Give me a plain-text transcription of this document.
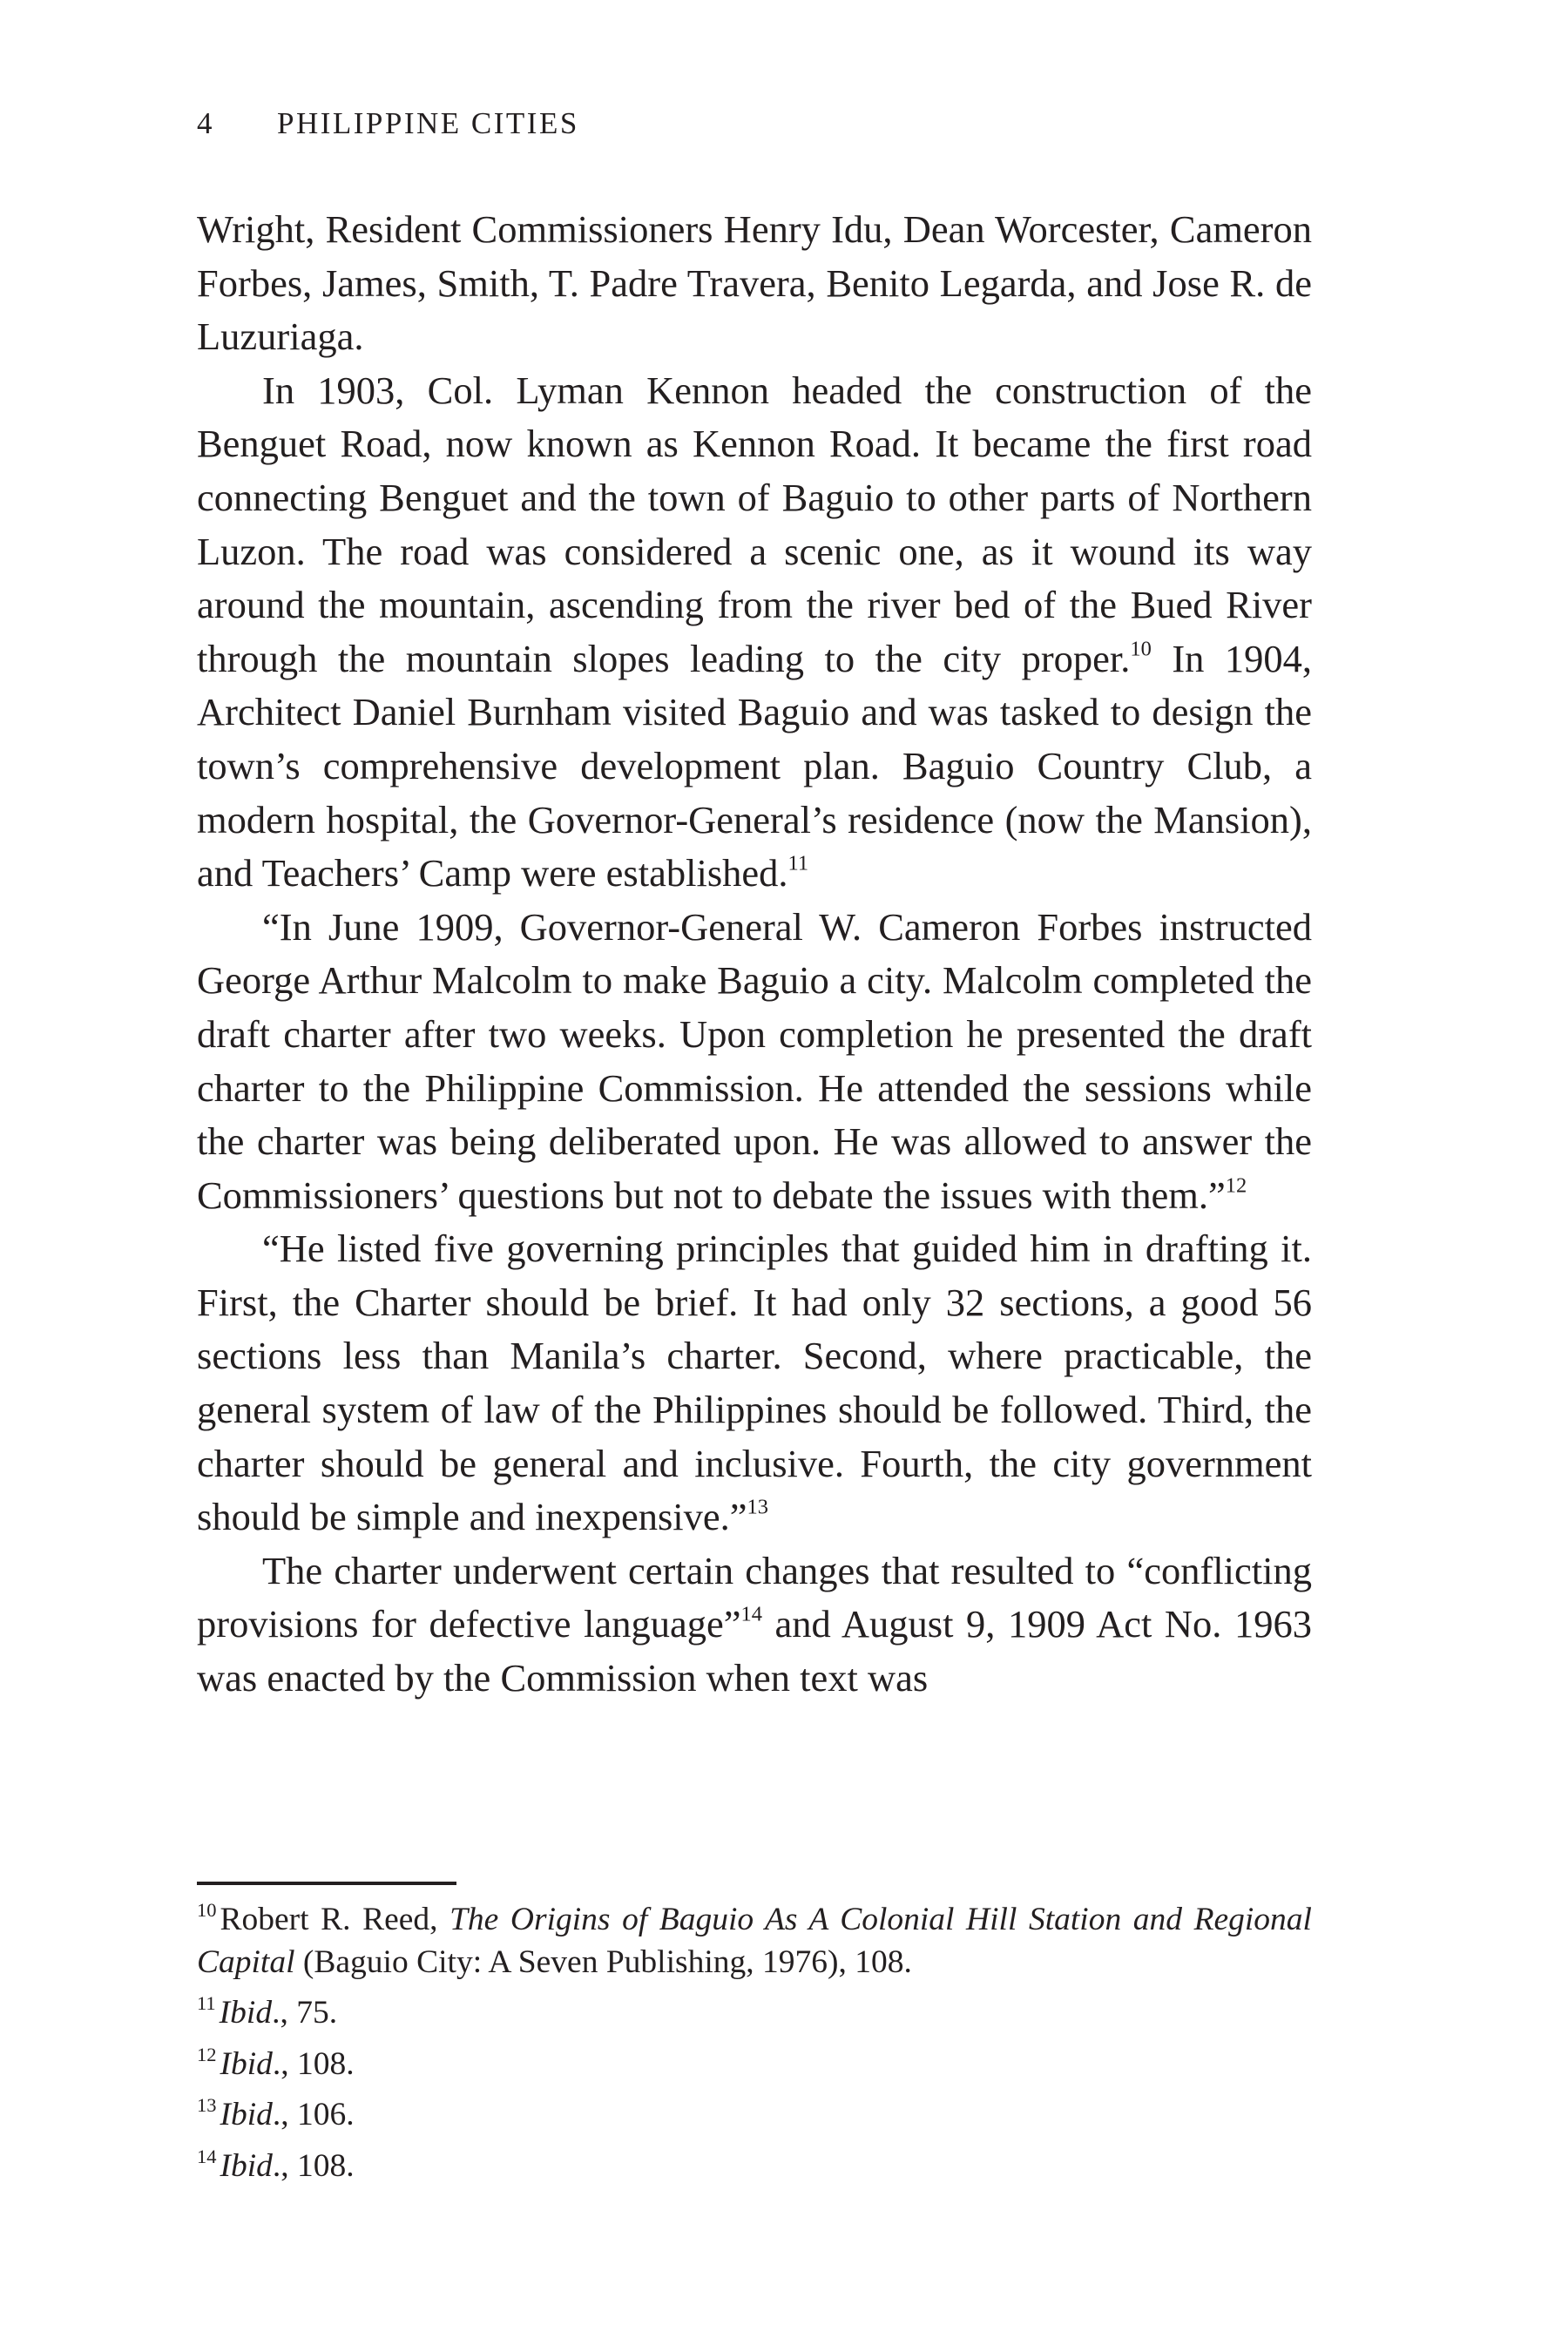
4 PHILIPPINE CITIES

Wright, Resident Commissioners Henry Idu, Dean Worcester, Cameron Forbes, James, Smith, T. Padre Travera, Benito Legarda, and Jose R. de Luzuriaga.

In 1903, Col. Lyman Kennon headed the construction of the Benguet Road, now known as Kennon Road. It became the first road connecting Benguet and the town of Baguio to other parts of Northern Luzon. The road was considered a scenic one, as it wound its way around the mountain, ascending from the river bed of the Bued River through the mountain slopes leading to the city proper.$^{10}$ In 1904, Architect Daniel Burnham visited Baguio and was tasked to design the town’s comprehensive development plan. Baguio Country Club, a modern hospital, the Governor-General’s residence (now the Mansion), and Teachers’ Camp were established.$^{11}$

“In June 1909, Governor-General W. Cameron Forbes instructed George Arthur Malcolm to make Baguio a city. Malcolm completed the draft charter after two weeks. Upon completion he presented the draft charter to the Philippine Commission. He attended the sessions while the charter was being deliberated upon. He was allowed to answer the Commissioners’ questions but not to debate the issues with them.”$^{12}$

“He listed five governing principles that guided him in drafting it. First, the Charter should be brief. It had only 32 sections, a good 56 sections less than Manila’s charter. Second, where practicable, the general system of law of the Philippines should be followed. Third, the charter should be general and inclusive. Fourth, the city government should be simple and inexpensive.”$^{13}$

The charter underwent certain changes that resulted to “conflicting provisions for defective language”$^{14}$ and August 9, 1909 Act No. 1963 was enacted by the Commission when text was

$^{10}$ Robert R. Reed, The Origins of Baguio As A Colonial Hill Station and Regional Capital (Baguio City: A Seven Publishing, 1976), 108.

$^{11}$ Ibid., 75.

$^{12}$ Ibid., 108.

$^{13}$ Ibid., 106.

$^{14}$ Ibid., 108.
